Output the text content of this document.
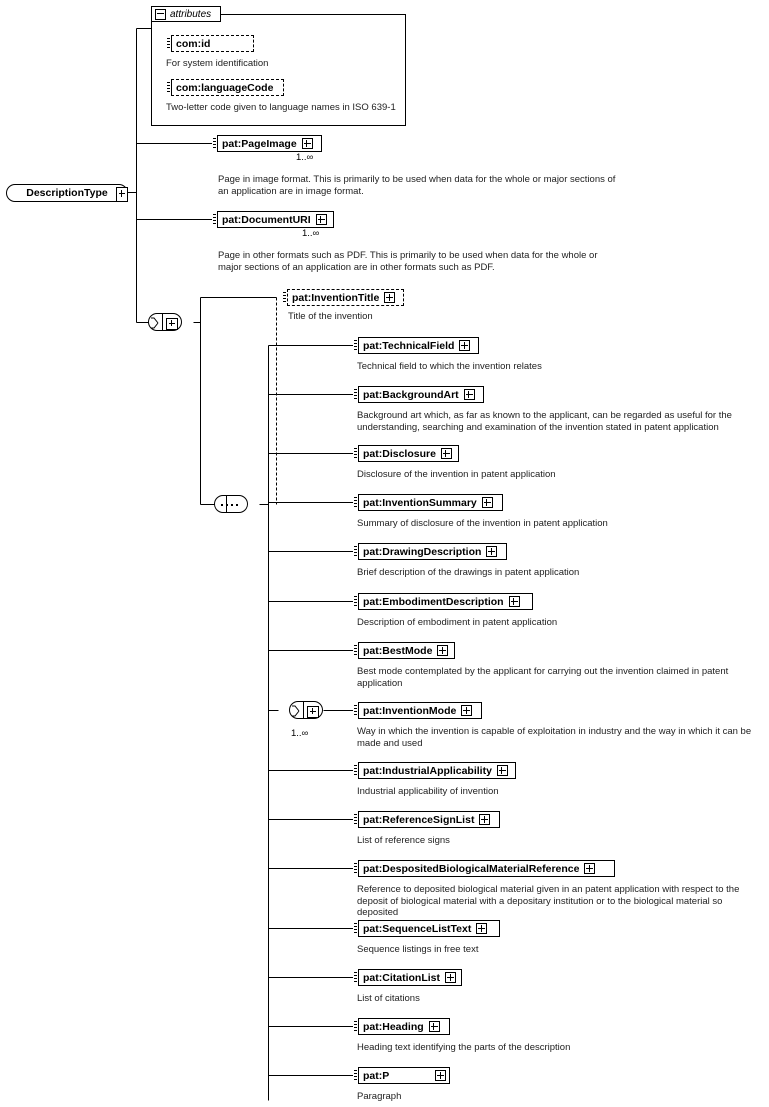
DescriptionType
attributes
com:id
For system identification
com:languageCode
Two-letter code given to language names in ISO 639-1
pat:PageImage
1..∞
Page in image format. This is primarily to be used when data for the whole or major sections of an application are in image format.
pat:DocumentURI
1..∞
Page in other formats such as PDF. This is primarily to be used when data for the whole or major sections of an application are in other formats such as PDF.
pat:InventionTitle
Title of the invention
1..∞
pat:TechnicalField
Technical field to which the invention relates
pat:BackgroundArt
Background art which, as far as known to the applicant, can be regarded as useful for the understanding, searching and examination of the invention stated in patent application
pat:Disclosure
Disclosure of the invention in patent application
pat:InventionSummary
Summary of disclosure of the invention in patent application
pat:DrawingDescription
Brief description of the drawings in patent application
pat:EmbodimentDescription
Description of embodiment in patent application
pat:BestMode
Best mode contemplated by the applicant for carrying out the invention claimed in patent application
pat:InventionMode
Way in which the invention is capable of exploitation in industry and the way in which it can be made and used
pat:IndustrialApplicability
Industrial applicability of invention
pat:ReferenceSignList
List of reference signs
pat:DespositedBiologicalMaterialReference
Reference to deposited biological material given in an patent application with respect to the deposit of biological material with a depositary institution or to the biological material so deposited
pat:SequenceListText
Sequence listings in free text
pat:CitationList
List of citations
pat:Heading
Heading text identifying the parts of the description
pat:P
Paragraph
